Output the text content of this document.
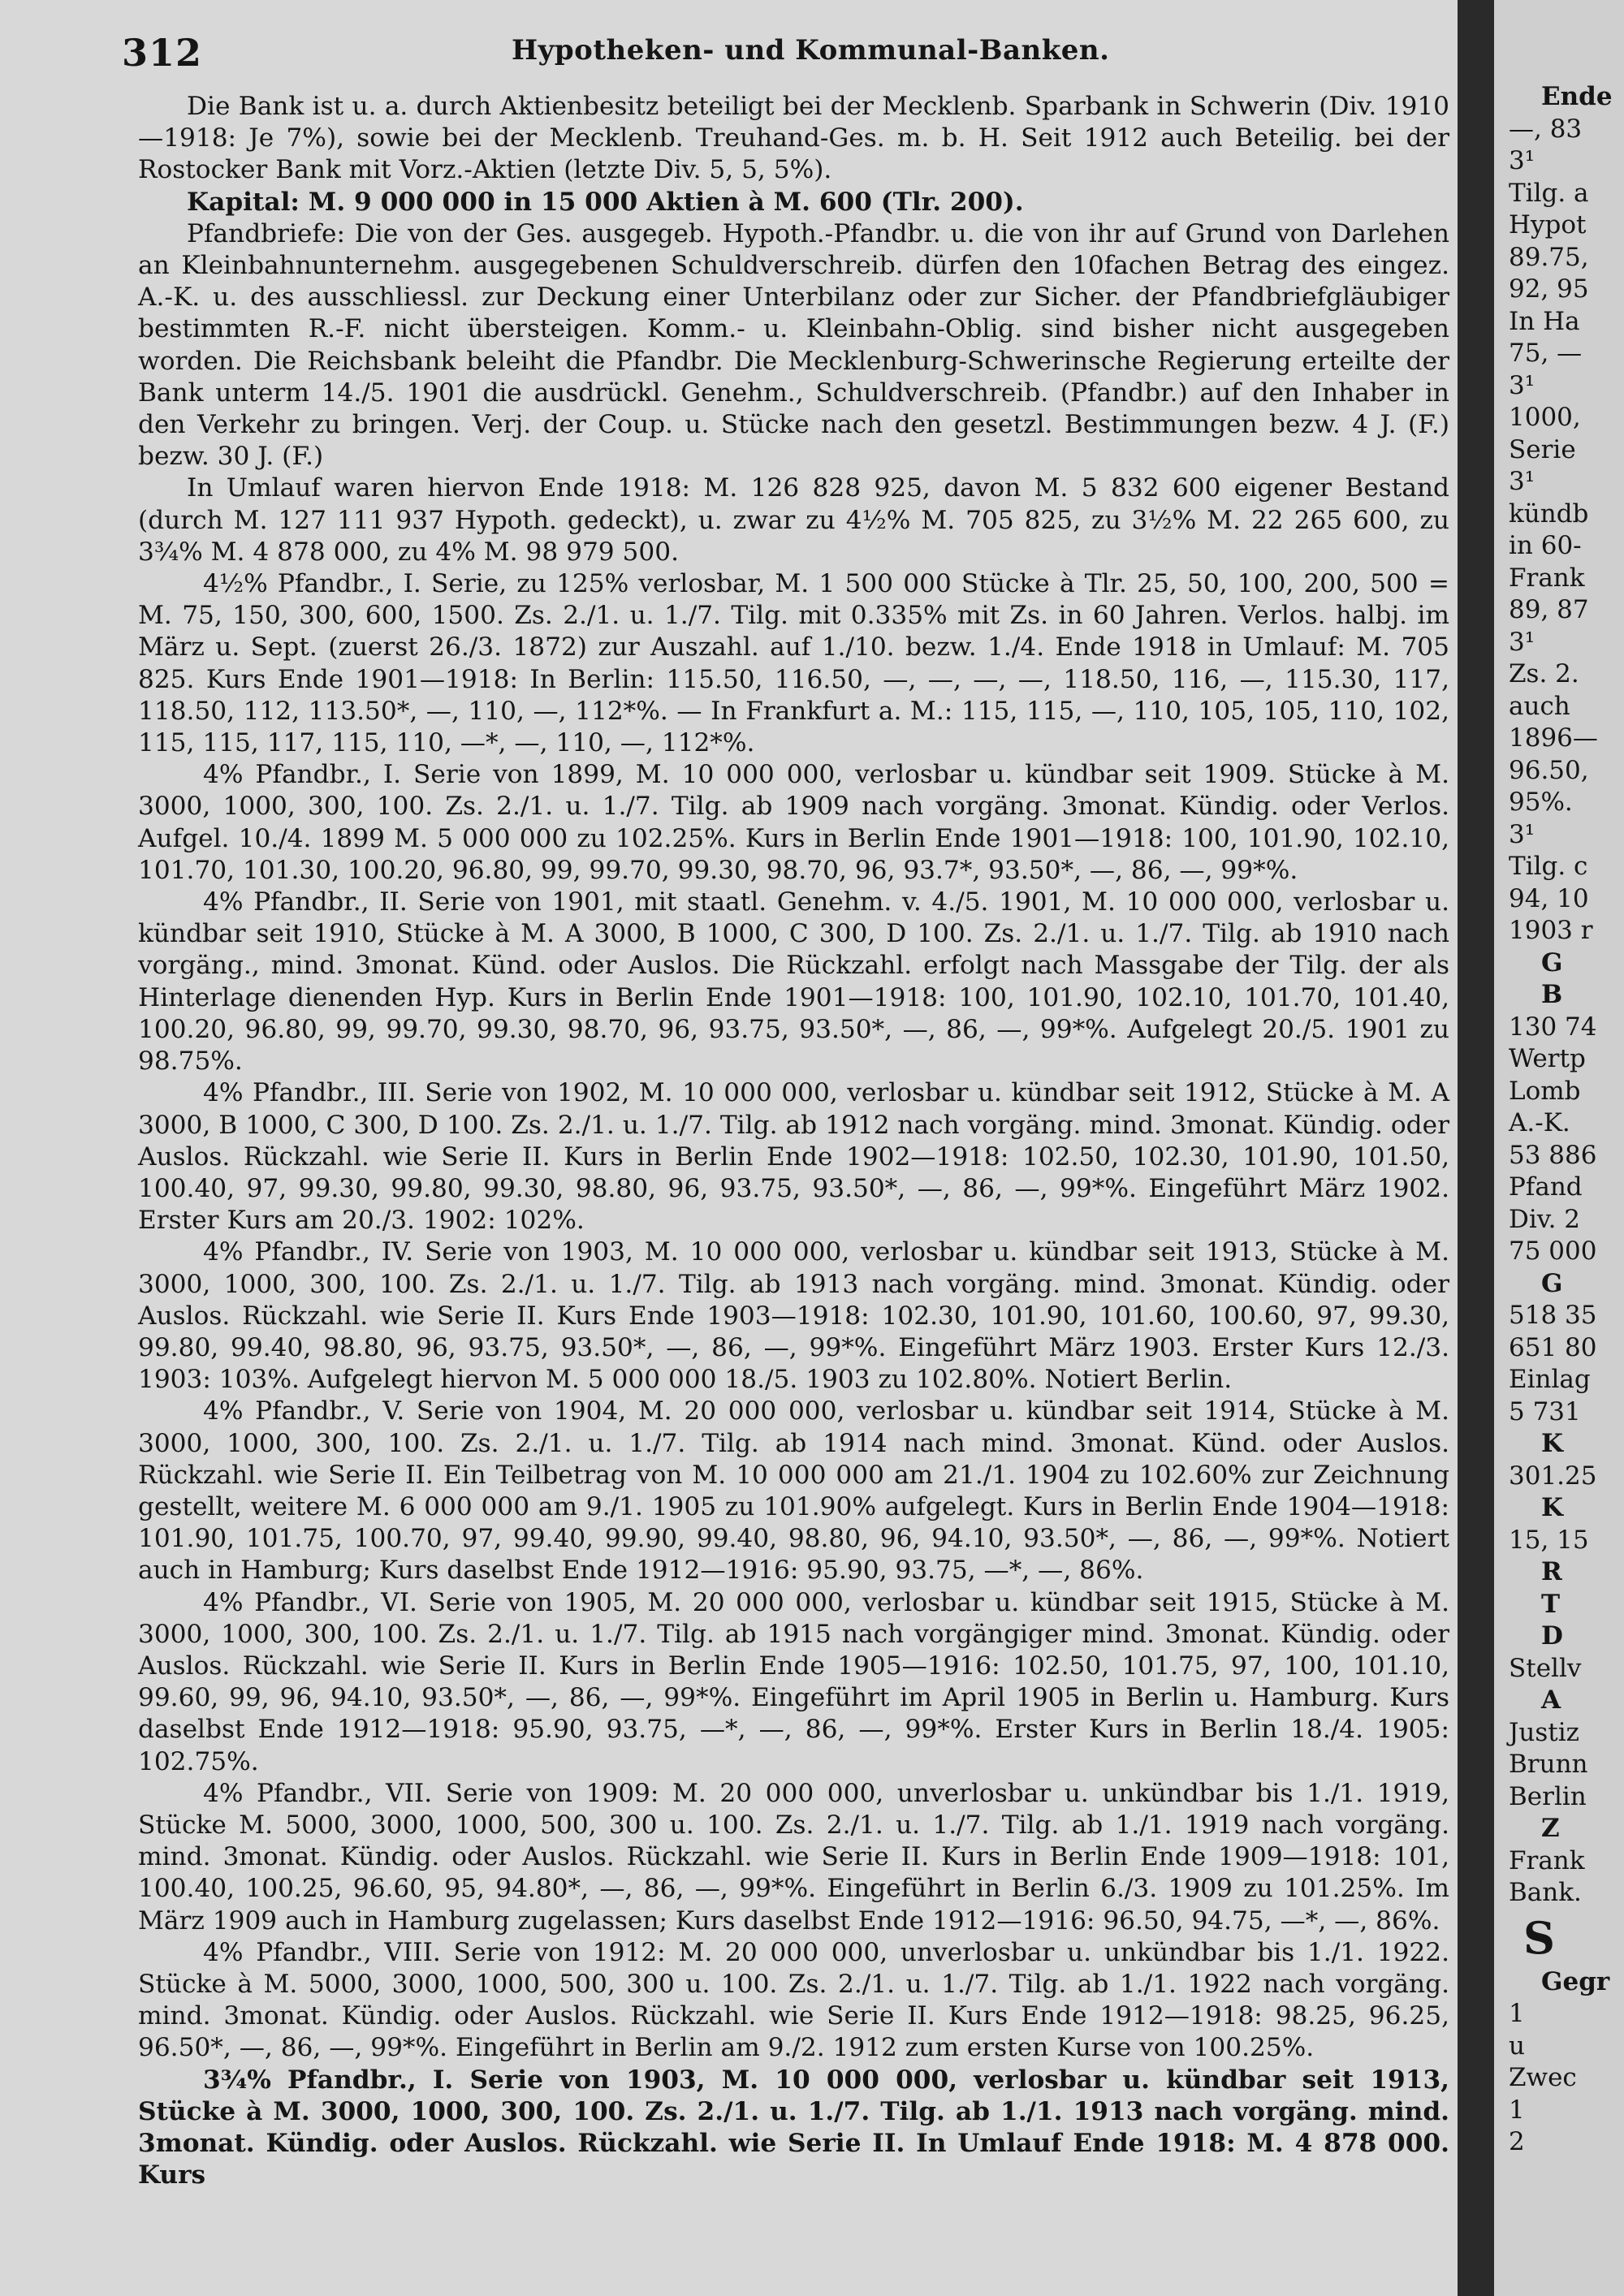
312	Hypotheken- und Kommunal-Banken.

Die Bank ist u. a. durch Aktienbesitz beteiligt bei der Mecklenb. Sparbank in Schwerin (Div. 1910—1918: Je 7%), sowie bei der Mecklenb. Treuhand-Ges. m. b. H. Seit 1912 auch Beteilig. bei der Rostocker Bank mit Vorz.-Aktien (letzte Div. 5, 5, 5%).

Kapital: M. 9 000 000 in 15 000 Aktien à M. 600 (Tlr. 200).

Pfandbriefe: Die von der Ges. ausgegeb. Hypoth.-Pfandbr. u. die von ihr auf Grund von Darlehen an Kleinbahnunternehm. ausgegebenen Schuldverschreib. dürfen den 10fachen Betrag des eingez. A.-K. u. des ausschliessl. zur Deckung einer Unterbilanz oder zur Sicher. der Pfandbriefgläubiger bestimmten R.-F. nicht übersteigen. Komm.- u. Kleinbahn-Oblig. sind bisher nicht ausgegeben worden. Die Reichsbank beleiht die Pfandbr. Die Mecklenburg-Schwerinsche Regierung erteilte der Bank unterm 14./5. 1901 die ausdrückl. Genehm., Schuldverschreib. (Pfandbr.) auf den Inhaber in den Verkehr zu bringen. Verj. der Coup. u. Stücke nach den gesetzl. Bestimmungen bezw. 4 J. (F.) bezw. 30 J. (F.)

In Umlauf waren hiervon Ende 1918: M. 126 828 925, davon M. 5 832 600 eigener Bestand (durch M. 127 111 937 Hypoth. gedeckt), u. zwar zu 4½% M. 705 825, zu 3½% M. 22 265 600, zu 3¾% M. 4 878 000, zu 4% M. 98 979 500.

4½% Pfandbr., I. Serie, zu 125% verlosbar, M. 1 500 000 Stücke à Tlr. 25, 50, 100, 200, 500 = M. 75, 150, 300, 600, 1500. Zs. 2./1. u. 1./7. Tilg. mit 0.335% mit Zs. in 60 Jahren. Verlos. halbj. im März u. Sept. (zuerst 26./3. 1872) zur Auszahl. auf 1./10. bezw. 1./4. Ende 1918 in Umlauf: M. 705 825. Kurs Ende 1901—1918: In Berlin: 115.50, 116.50, —, —, —, —, 118.50, 116, —, 115.30, 117, 118.50, 112, 113.50*, —, 110, —, 112*%. — In Frankfurt a. M.: 115, 115, —, 110, 105, 105, 110, 102, 115, 115, 117, 115, 110, —*, —, 110, —, 112*%.

4% Pfandbr., I. Serie von 1899, M. 10 000 000, verlosbar u. kündbar seit 1909. Stücke à M. 3000, 1000, 300, 100. Zs. 2./1. u. 1./7. Tilg. ab 1909 nach vorgäng. 3monat. Kündig. oder Verlos. Aufgel. 10./4. 1899 M. 5 000 000 zu 102.25%. Kurs in Berlin Ende 1901—1918: 100, 101.90, 102.10, 101.70, 101.30, 100.20, 96.80, 99, 99.70, 99.30, 98.70, 96, 93.7*, 93.50*, —, 86, —, 99*%.

4% Pfandbr., II. Serie von 1901, mit staatl. Genehm. v. 4./5. 1901, M. 10 000 000, verlosbar u. kündbar seit 1910, Stücke à M. A 3000, B 1000, C 300, D 100. Zs. 2./1. u. 1./7. Tilg. ab 1910 nach vorgäng., mind. 3monat. Künd. oder Auslos. Die Rückzahl. erfolgt nach Massgabe der Tilg. der als Hinterlage dienenden Hyp. Kurs in Berlin Ende 1901—1918: 100, 101.90, 102.10, 101.70, 101.40, 100.20, 96.80, 99, 99.70, 99.30, 98.70, 96, 93.75, 93.50*, —, 86, —, 99*%. Aufgelegt 20./5. 1901 zu 98.75%.

4% Pfandbr., III. Serie von 1902, M. 10 000 000, verlosbar u. kündbar seit 1912, Stücke à M. A 3000, B 1000, C 300, D 100. Zs. 2./1. u. 1./7. Tilg. ab 1912 nach vorgäng. mind. 3monat. Kündig. oder Auslos. Rückzahl. wie Serie II. Kurs in Berlin Ende 1902—1918: 102.50, 102.30, 101.90, 101.50, 100.40, 97, 99.30, 99.80, 99.30, 98.80, 96, 93.75, 93.50*, —, 86, —, 99*%. Eingeführt März 1902. Erster Kurs am 20./3. 1902: 102%.

4% Pfandbr., IV. Serie von 1903, M. 10 000 000, verlosbar u. kündbar seit 1913, Stücke à M. 3000, 1000, 300, 100. Zs. 2./1. u. 1./7. Tilg. ab 1913 nach vorgäng. mind. 3monat. Kündig. oder Auslos. Rückzahl. wie Serie II. Kurs Ende 1903—1918: 102.30, 101.90, 101.60, 100.60, 97, 99.30, 99.80, 99.40, 98.80, 96, 93.75, 93.50*, —, 86, —, 99*%. Eingeführt März 1903. Erster Kurs 12./3. 1903: 103%. Aufgelegt hiervon M. 5 000 000 18./5. 1903 zu 102.80%. Notiert Berlin.

4% Pfandbr., V. Serie von 1904, M. 20 000 000, verlosbar u. kündbar seit 1914, Stücke à M. 3000, 1000, 300, 100. Zs. 2./1. u. 1./7. Tilg. ab 1914 nach mind. 3monat. Künd. oder Auslos. Rückzahl. wie Serie II. Ein Teilbetrag von M. 10 000 000 am 21./1. 1904 zu 102.60% zur Zeichnung gestellt, weitere M. 6 000 000 am 9./1. 1905 zu 101.90% aufgelegt. Kurs in Berlin Ende 1904—1918: 101.90, 101.75, 100.70, 97, 99.40, 99.90, 99.40, 98.80, 96, 94.10, 93.50*, —, 86, —, 99*%. Notiert auch in Hamburg; Kurs daselbst Ende 1912—1916: 95.90, 93.75, —*, —, 86%.

4% Pfandbr., VI. Serie von 1905, M. 20 000 000, verlosbar u. kündbar seit 1915, Stücke à M. 3000, 1000, 300, 100. Zs. 2./1. u. 1./7. Tilg. ab 1915 nach vorgängiger mind. 3monat. Kündig. oder Auslos. Rückzahl. wie Serie II. Kurs in Berlin Ende 1905—1916: 102.50, 101.75, 97, 100, 101.10, 99.60, 99, 96, 94.10, 93.50*, —, 86, —, 99*%. Eingeführt im April 1905 in Berlin u. Hamburg. Kurs daselbst Ende 1912—1918: 95.90, 93.75, —*, —, 86, —, 99*%. Erster Kurs in Berlin 18./4. 1905: 102.75%.

4% Pfandbr., VII. Serie von 1909: M. 20 000 000, unverlosbar u. unkündbar bis 1./1. 1919, Stücke M. 5000, 3000, 1000, 500, 300 u. 100. Zs. 2./1. u. 1./7. Tilg. ab 1./1. 1919 nach vorgäng. mind. 3monat. Kündig. oder Auslos. Rückzahl. wie Serie II. Kurs in Berlin Ende 1909—1918: 101, 100.40, 100.25, 96.60, 95, 94.80*, —, 86, —, 99*%. Eingeführt in Berlin 6./3. 1909 zu 101.25%. Im März 1909 auch in Hamburg zugelassen; Kurs daselbst Ende 1912—1916: 96.50, 94.75, —*, —, 86%.

4% Pfandbr., VIII. Serie von 1912: M. 20 000 000, unverlosbar u. unkündbar bis 1./1. 1922. Stücke à M. 5000, 3000, 1000, 500, 300 u. 100. Zs. 2./1. u. 1./7. Tilg. ab 1./1. 1922 nach vorgäng. mind. 3monat. Kündig. oder Auslos. Rückzahl. wie Serie II. Kurs Ende 1912—1918: 98.25, 96.25, 96.50*, —, 86, —, 99*%. Eingeführt in Berlin am 9./2. 1912 zum ersten Kurse von 100.25%.

3¾% Pfandbr., I. Serie von 1903, M. 10 000 000, verlosbar u. kündbar seit 1913, Stücke à M. 3000, 1000, 300, 100. Zs. 2./1. u. 1./7. Tilg. ab 1./1. 1913 nach vorgäng. mind. 3monat. Kündig. oder Auslos. Rückzahl. wie Serie II. In Umlauf Ende 1918: M. 4 878 000. Kurs

Ende
—, 83
3¹
Tilg. a
Hypot
89.75,
92, 95
In Ha
75, —
3¹
1000,
Serie
3¹
kündb
in 60-
Frank
89, 87
3¹
Zs. 2.
auch
1896—
96.50,
95%.
3¹
Tilg. c
94, 10
1903 r
G
B
130 74
Wertp
Lomb
A.-K.
53 886
Pfand
Div. 2
75 000
G
518 35
651 80
Einlag
5 731
K
301.25
K
15, 15
R
T
D
Stellv
A
Justiz
Brunn
Berlin
Z
Frank
Bank.
S
Gegr
1
u
Zwec
1
2
